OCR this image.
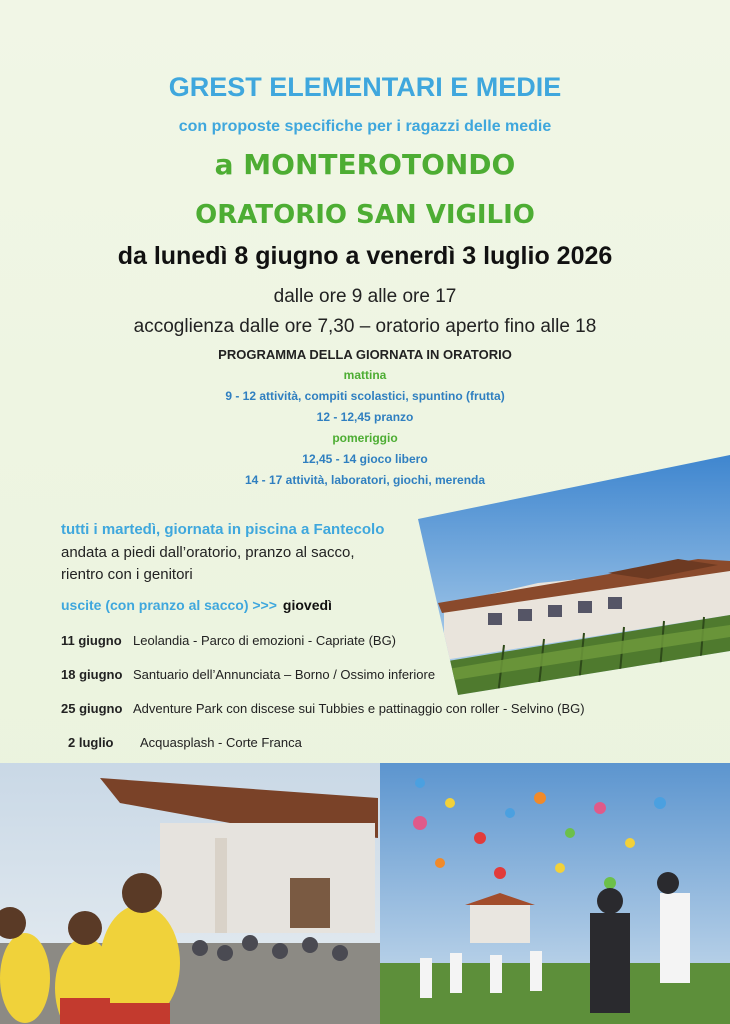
GREST ELEMENTARI E MEDIE
con proposte specifiche per i ragazzi delle medie
a MONTEROTONDO
ORATORIO SAN VIGILIO
da lunedì 8 giugno a venerdì 3 luglio 2026
dalle ore 9 alle ore 17
accoglienza dalle ore 7,30 – oratorio aperto fino alle 18
PROGRAMMA DELLA GIORNATA IN ORATORIO
mattina
9 - 12 attività, compiti scolastici, spuntino (frutta)
12 - 12,45 pranzo
pomeriggio
12,45 - 14 gioco libero
14 - 17 attività, laboratori, giochi, merenda
tutti i martedì, giornata in piscina a Fantecolo
andata a piedi dall’oratorio, pranzo al sacco,
rientro con i genitori
uscite (con pranzo al sacco) >>> giovedì
11 giugno Leolandia - Parco di emozioni - Capriate (BG)
18 giugno Santuario dell’Annunciata – Borno / Ossimo inferiore
25 giugno Adventure Park con discese sui Tubbies e pattinaggio con roller - Selvino (BG)
2 luglio Acquasplash - Corte Franca
